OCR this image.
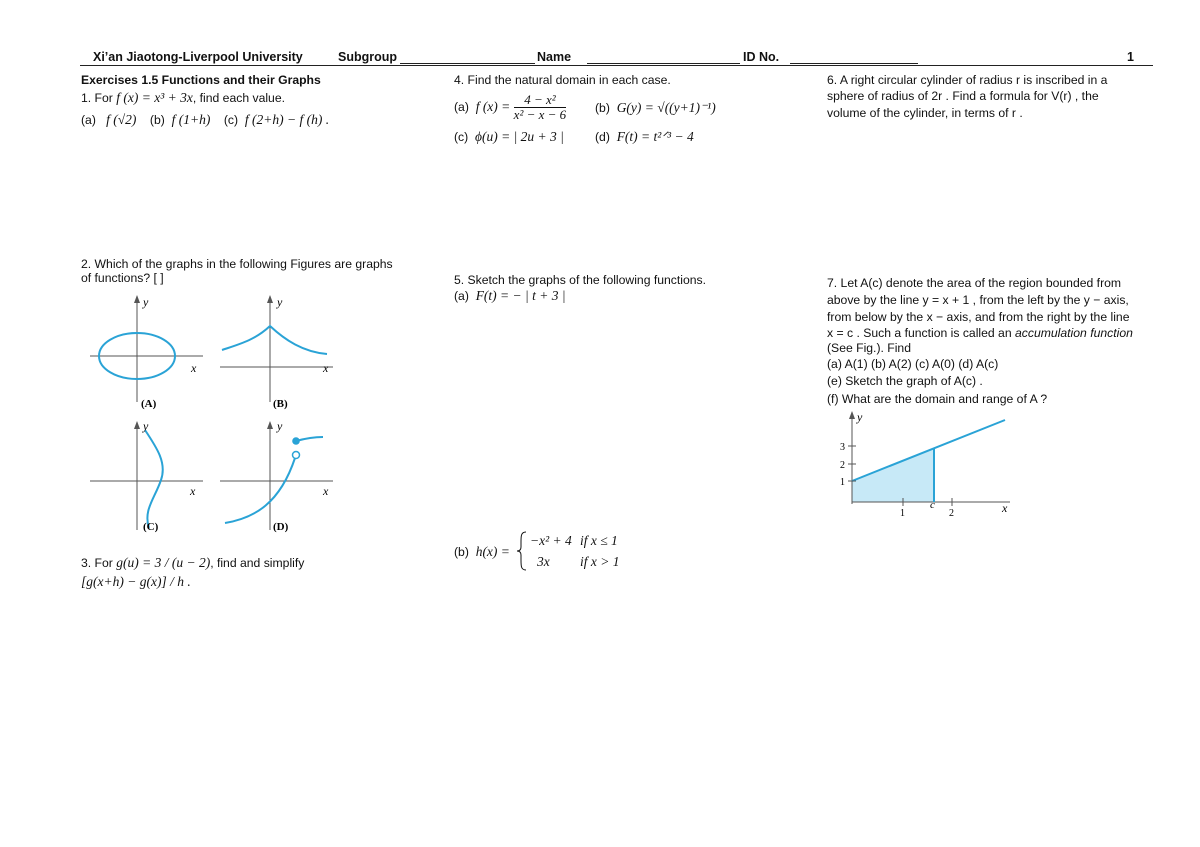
Xi’an Jiaotong-Liverpool University	Subgroup	Name	ID No.	1
Exercises 1.5 Functions and their Graphs
1. For f (x) = x³ + 3x, find each value.
(a) f (√2) (b) f (1+h) (c) f (2+h) − f (h) .
2. Which of the graphs in the following Figures are graphs
of functions? [ ]
y
x
(A)
y
x
(B)
y
x
(C)
y
x
(D)
3. For g(u) = 3 / (u − 2), find and simplify
[g(x+h) − g(x)] / h .
4. Find the natural domain in each case.
(a) f $(x) = \frac{\text{4 − x²}}{\text{x² − x − 6}} (b) G(y) = √((y+1)^{-1})$
(c) ϕ(u) = | 2u + 3 |	(d) F(t) = t²ᐟ³ − 4
5. Sketch the graphs of the following functions.
(a) F(t) = − | t + 3 |
(b) h(x) =
−x² + 4 if x ≤ 1
3x if x > 1
6. A right circular cylinder of radius r is inscribed in a
sphere of radius of 2r . Find a formula for V(r) , the
volume of the cylinder, in terms of r .
7. Let A(c) denote the area of the region bounded from
above by the line y = x + 1 , from the left by the y − axis,
from below by the x − axis, and from the right by the line
x = c . Such a function is called an accumulation function
(See Fig.). Find
(a) A(1) (b) A(2) (c) A(0) (d) A(c)
(e) Sketch the graph of A(c) .
(f) What are the domain and range of A ?
3
2
1
1
c
2	x
y
